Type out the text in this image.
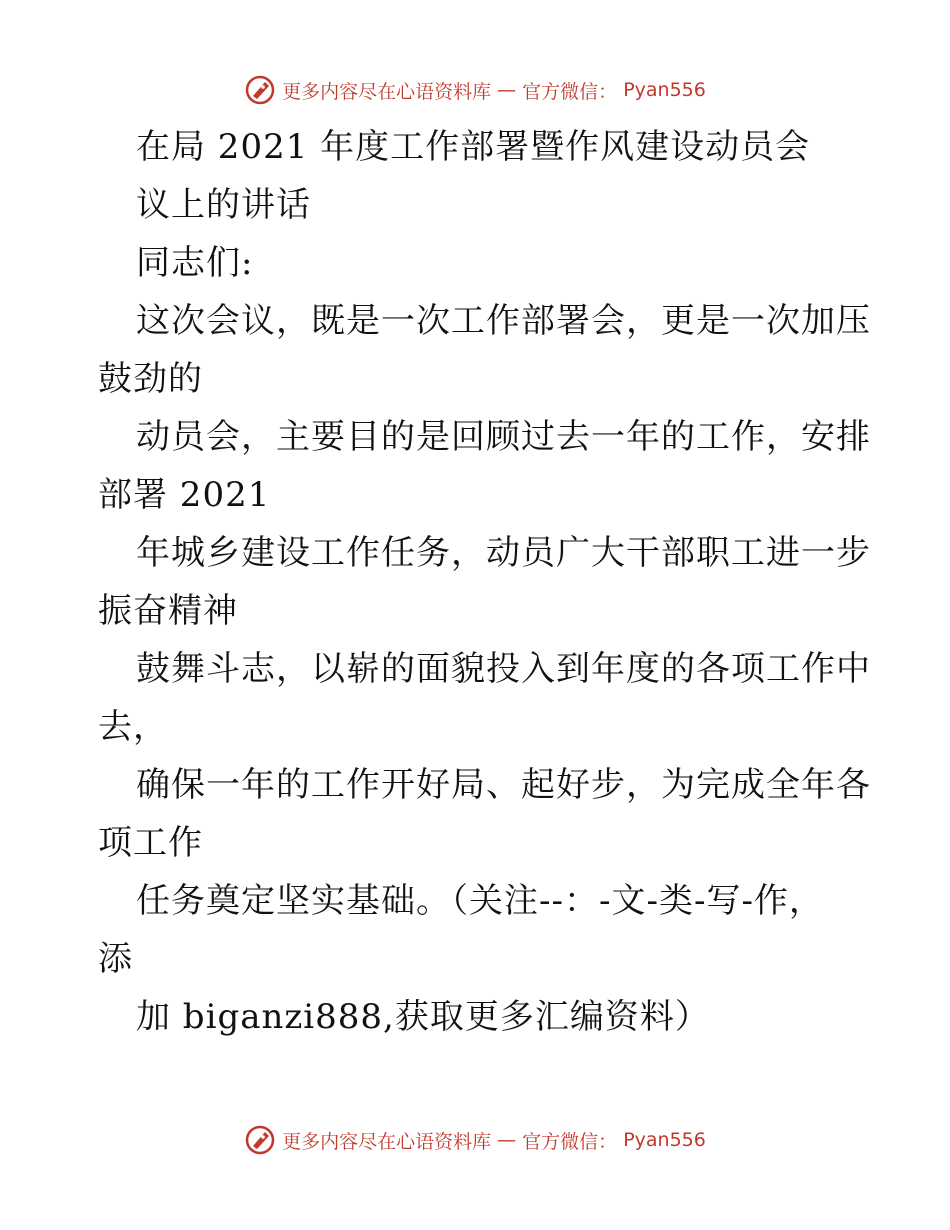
更多内容尽在心语资料库 — 官方微信： Pyan556
在局 2021 年度工作部署暨作风建设动员会
议上的讲话
同志们:
这次会议，既是一次工作部署会，更是一次加压
鼓劲的
动员会，主要目的是回顾过去一年的工作，安排
部署 2021
年城乡建设工作任务，动员广大干部职工进一步
振奋精神
鼓舞斗志，以崭的面貌投入到年度的各项工作中
去，
确保一年的工作开好局、起好步，为完成全年各
项工作
任务奠定坚实基础。（关注--：-文-类-写-作，
添
加 biganzi888,获取更多汇编资料）
更多内容尽在心语资料库 — 官方微信： Pyan556
